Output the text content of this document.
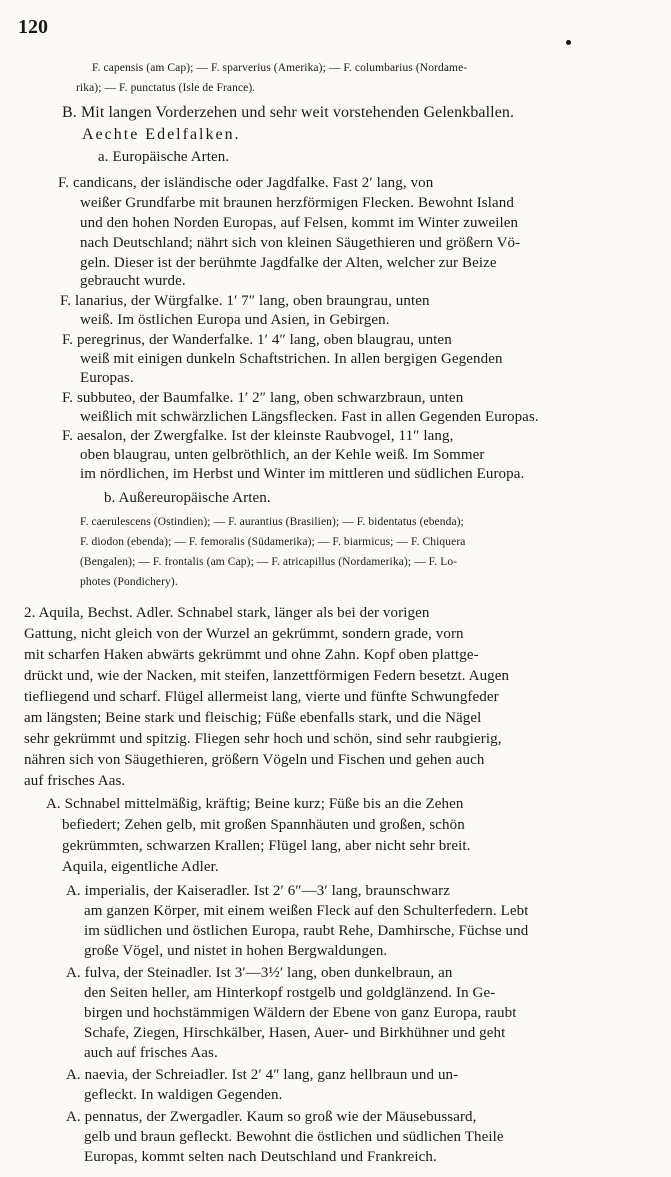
120
F. capensis (am Cap); — F. sparverius (Amerika); — F. columbarius (Nordame-
rika); — F. punctatus (Isle de France).
B. Mit langen Vorderzehen und sehr weit vorstehenden Gelenkballen.
Aechte Edelfalken.
a. Europäische Arten.
F. candicans, der isländische oder Jagdfalke. Fast 2′ lang, von
weißer Grundfarbe mit braunen herzförmigen Flecken. Bewohnt Island
und den hohen Norden Europas, auf Felsen, kommt im Winter zuweilen
nach Deutschland; nährt sich von kleinen Säugethieren und größern Vö-
geln. Dieser ist der berühmte Jagdfalke der Alten, welcher zur Beize
gebraucht wurde.
F. lanarius, der Würgfalke. 1′ 7″ lang, oben braungrau, unten
weiß. Im östlichen Europa und Asien, in Gebirgen.
F. peregrinus, der Wanderfalke. 1′ 4″ lang, oben blaugrau, unten
weiß mit einigen dunkeln Schaftstrichen. In allen bergigen Gegenden
Europas.
F. subbuteo, der Baumfalke. 1′ 2″ lang, oben schwarzbraun, unten
weißlich mit schwärzlichen Längsflecken. Fast in allen Gegenden Europas.
F. aesalon, der Zwergfalke. Ist der kleinste Raubvogel, 11″ lang,
oben blaugrau, unten gelbröthlich, an der Kehle weiß. Im Sommer
im nördlichen, im Herbst und Winter im mittleren und südlichen Europa.
b. Außereuropäische Arten.
F. caerulescens (Ostindien); — F. aurantius (Brasilien); — F. bidentatus (ebenda);
F. diodon (ebenda); — F. femoralis (Südamerika); — F. biarmicus; — F. Chiquera
(Bengalen); — F. frontalis (am Cap); — F. atricapillus (Nordamerika); — F. Lo-
photes (Pondichery).
2. Aquila, Bechst. Adler. Schnabel stark, länger als bei der vorigen
Gattung, nicht gleich von der Wurzel an gekrümmt, sondern grade, vorn
mit scharfen Haken abwärts gekrümmt und ohne Zahn. Kopf oben plattge-
drückt und, wie der Nacken, mit steifen, lanzettförmigen Federn besetzt. Augen
tiefliegend und scharf. Flügel allermeist lang, vierte und fünfte Schwungfeder
am längsten; Beine stark und fleischig; Füße ebenfalls stark, und die Nägel
sehr gekrümmt und spitzig. Fliegen sehr hoch und schön, sind sehr raubgierig,
nähren sich von Säugethieren, größern Vögeln und Fischen und gehen auch
auf frisches Aas.
A. Schnabel mittelmäßig, kräftig; Beine kurz; Füße bis an die Zehen
befiedert; Zehen gelb, mit großen Spannhäuten und großen, schön
gekrümmten, schwarzen Krallen; Flügel lang, aber nicht sehr breit.
Aquila, eigentliche Adler.
A. imperialis, der Kaiseradler. Ist 2′ 6″—3′ lang, braunschwarz
am ganzen Körper, mit einem weißen Fleck auf den Schulterfedern. Lebt
im südlichen und östlichen Europa, raubt Rehe, Damhirsche, Füchse und
große Vögel, und nistet in hohen Bergwaldungen.
A. fulva, der Steinadler. Ist 3′—3½′ lang, oben dunkelbraun, an
den Seiten heller, am Hinterkopf rostgelb und goldglänzend. In Ge-
birgen und hochstämmigen Wäldern der Ebene von ganz Europa, raubt
Schafe, Ziegen, Hirschkälber, Hasen, Auer- und Birkhühner und geht
auch auf frisches Aas.
A. naevia, der Schreiadler. Ist 2′ 4″ lang, ganz hellbraun und un-
gefleckt. In waldigen Gegenden.
A. pennatus, der Zwergadler. Kaum so groß wie der Mäusebussard,
gelb und braun gefleckt. Bewohnt die östlichen und südlichen Theile
Europas, kommt selten nach Deutschland und Frankreich.
